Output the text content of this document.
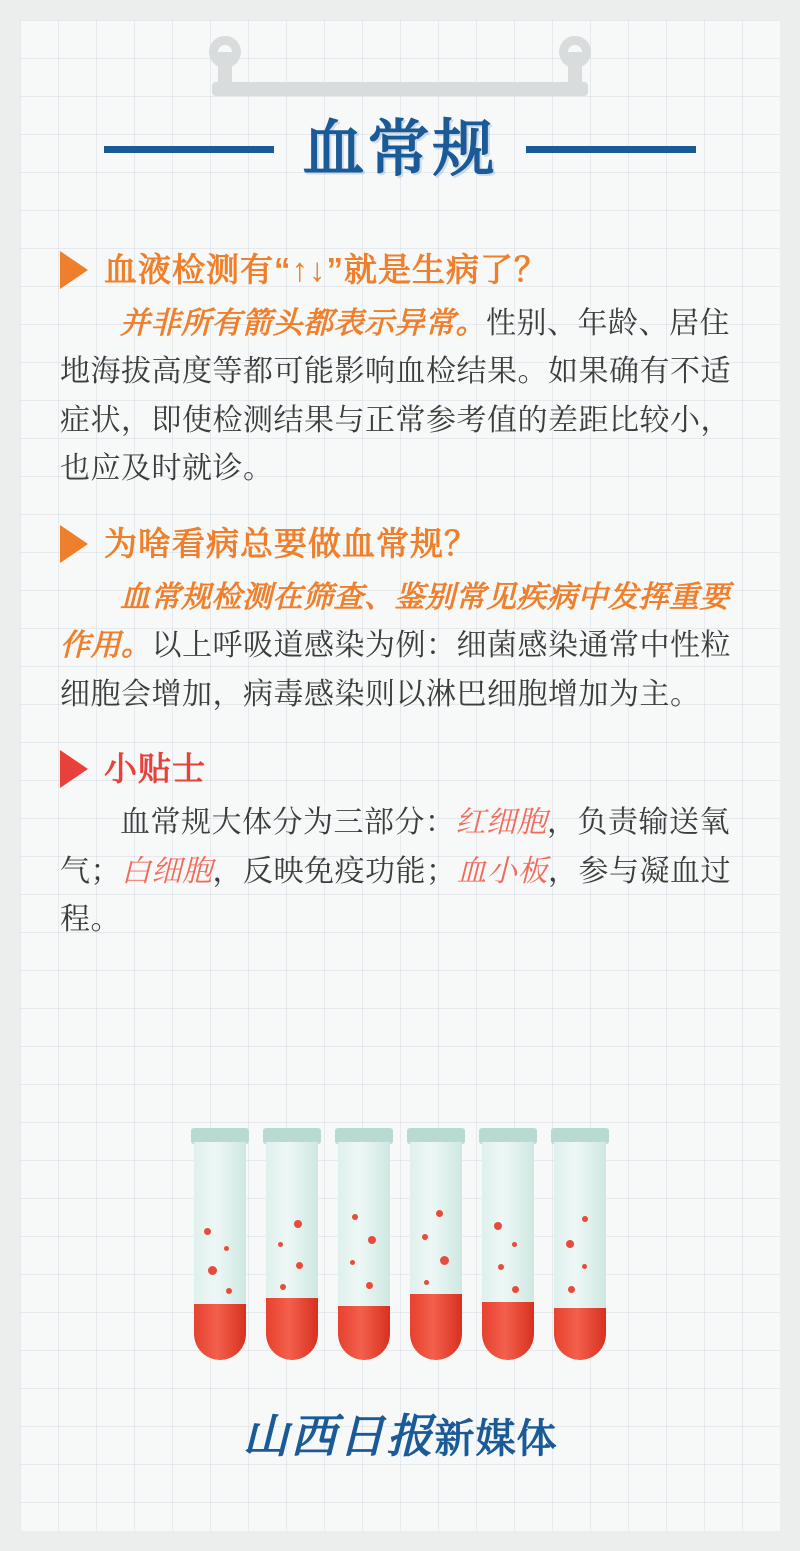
血常规
血液检测有“↑↓”就是生病了？
并非所有箭头都表示异常。性别、年龄、居住地海拔高度等都可能影响血检结果。如果确有不适症状，即使检测结果与正常参考值的差距比较小，也应及时就诊。
为啥看病总要做血常规？
血常规检测在筛查、鉴别常见疾病中发挥重要作用。以上呼吸道感染为例：细菌感染通常中性粒细胞会增加，病毒感染则以淋巴细胞增加为主。
小贴士
血常规大体分为三部分：红细胞，负责输送氧气；白细胞，反映免疫功能；血小板，参与凝血过程。
山西日报新媒体
